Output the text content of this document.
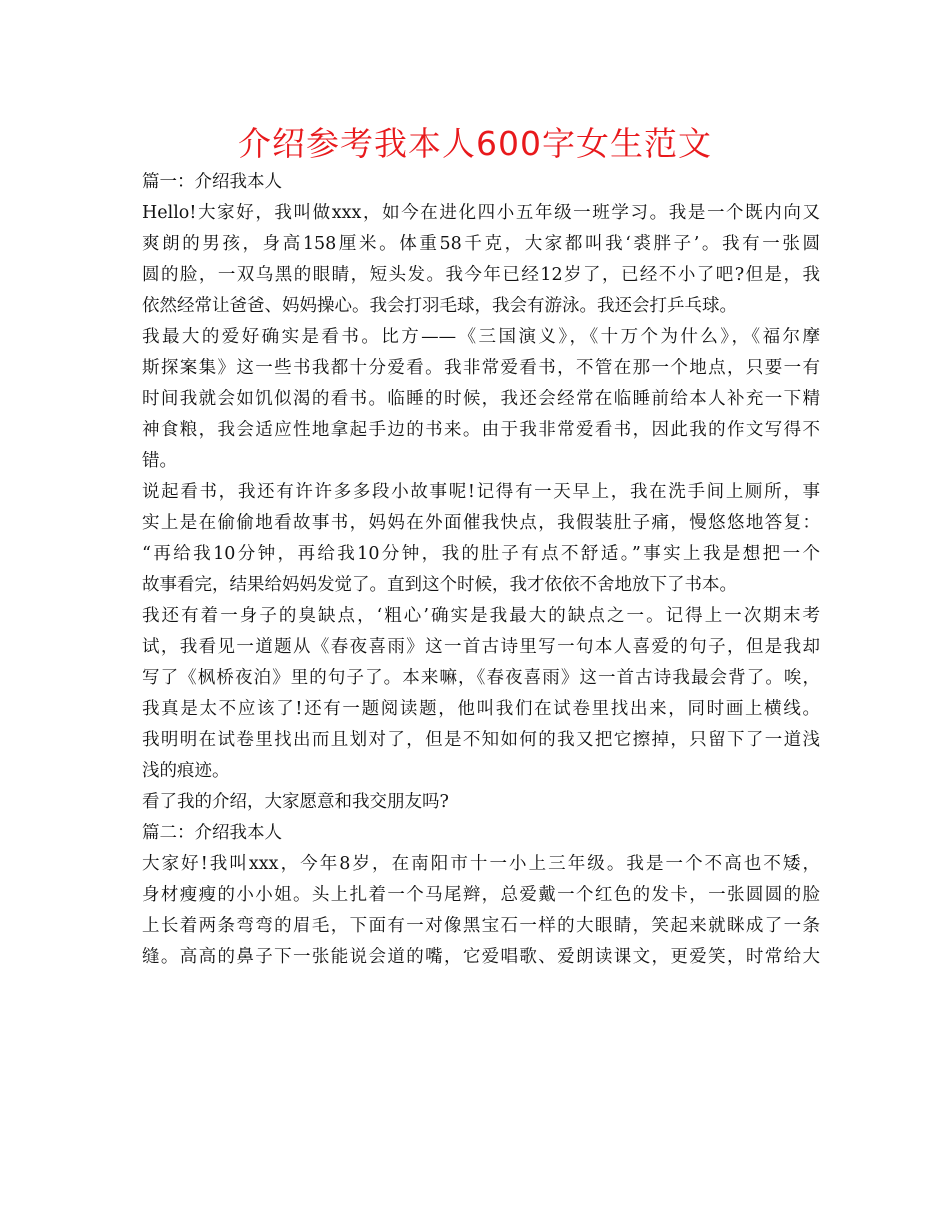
介绍参考我本人600字女生范文
篇一：介绍我本人
Hello!大家好，我叫做xxx，如今在进化四小五年级一班学习。我是一个既内向又
爽朗的男孩，身高158厘米。体重58千克，大家都叫我‘裘胖子’。我有一张圆
圆的脸，一双乌黑的眼睛，短头发。我今年已经12岁了，已经不小了吧?但是，我
依然经常让爸爸、妈妈操心。我会打羽毛球，我会有游泳。我还会打乒乓球。
我最大的爱好确实是看书。比方——《三国演义》，《十万个为什么》，《福尔摩
斯探案集》这一些书我都十分爱看。我非常爱看书，不管在那一个地点，只要一有
时间我就会如饥似渴的看书。临睡的时候，我还会经常在临睡前给本人补充一下精
神食粮，我会适应性地拿起手边的书来。由于我非常爱看书，因此我的作文写得不
错。
说起看书，我还有许许多多段小故事呢!记得有一天早上，我在洗手间上厕所，事
实上是在偷偷地看故事书，妈妈在外面催我快点，我假装肚子痛，慢悠悠地答复：
“再给我10分钟，再给我10分钟，我的肚子有点不舒适。”事实上我是想把一个
故事看完，结果给妈妈发觉了。直到这个时候，我才依依不舍地放下了书本。
我还有着一身子的臭缺点，‘粗心’确实是我最大的缺点之一。记得上一次期末考
试，我看见一道题从《春夜喜雨》这一首古诗里写一句本人喜爱的句子，但是我却
写了《枫桥夜泊》里的句子了。本来嘛，《春夜喜雨》这一首古诗我最会背了。唉，
我真是太不应该了!还有一题阅读题，他叫我们在试卷里找出来，同时画上横线。
我明明在试卷里找出而且划对了，但是不知如何的我又把它擦掉，只留下了一道浅
浅的痕迹。
看了我的介绍，大家愿意和我交朋友吗?
篇二：介绍我本人
大家好!我叫xxx，今年8岁，在南阳市十一小上三年级。我是一个不高也不矮，
身材瘦瘦的小小姐。头上扎着一个马尾辫，总爱戴一个红色的发卡，一张圆圆的脸
上长着两条弯弯的眉毛，下面有一对像黑宝石一样的大眼睛，笑起来就眯成了一条
缝。高高的鼻子下一张能说会道的嘴，它爱唱歌、爱朗读课文，更爱笑，时常给大
